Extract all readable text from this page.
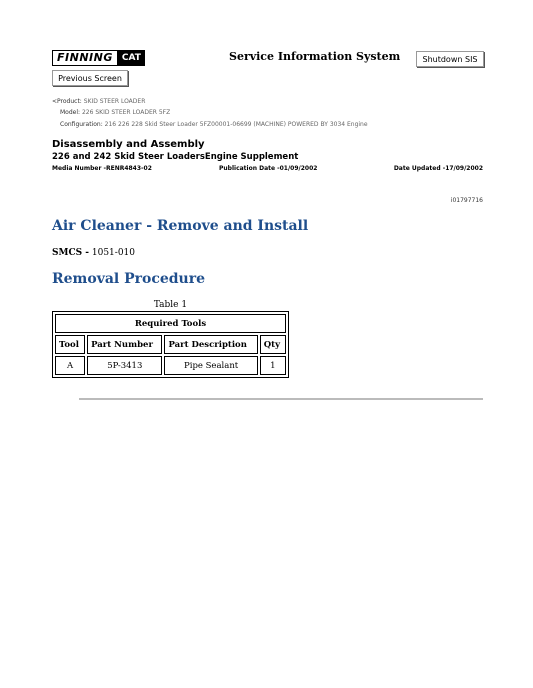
FINNING	CAT	Service Information System	Shutdown SIS
Previous Screen
<Product: SKID STEER LOADER
Model: 226 SKID STEER LOADER 5FZ
Configuration: 216 226 228 Skid Steer Loader 5FZ00001-06699 (MACHINE) POWERED BY 3034 Engine
Disassembly and Assembly
226 and 242 Skid Steer LoadersEngine Supplement
Media Number -RENR4843-02	Publication Date -01/09/2002	Date Updated -17/09/2002
i01797716
Air Cleaner - Remove and Install
SMCS - 1051-010
Removal Procedure
Table 1
Required Tools			
Tool	Part Number	Part Description	Qty
A	5P-3413	Pipe Sealant	1
